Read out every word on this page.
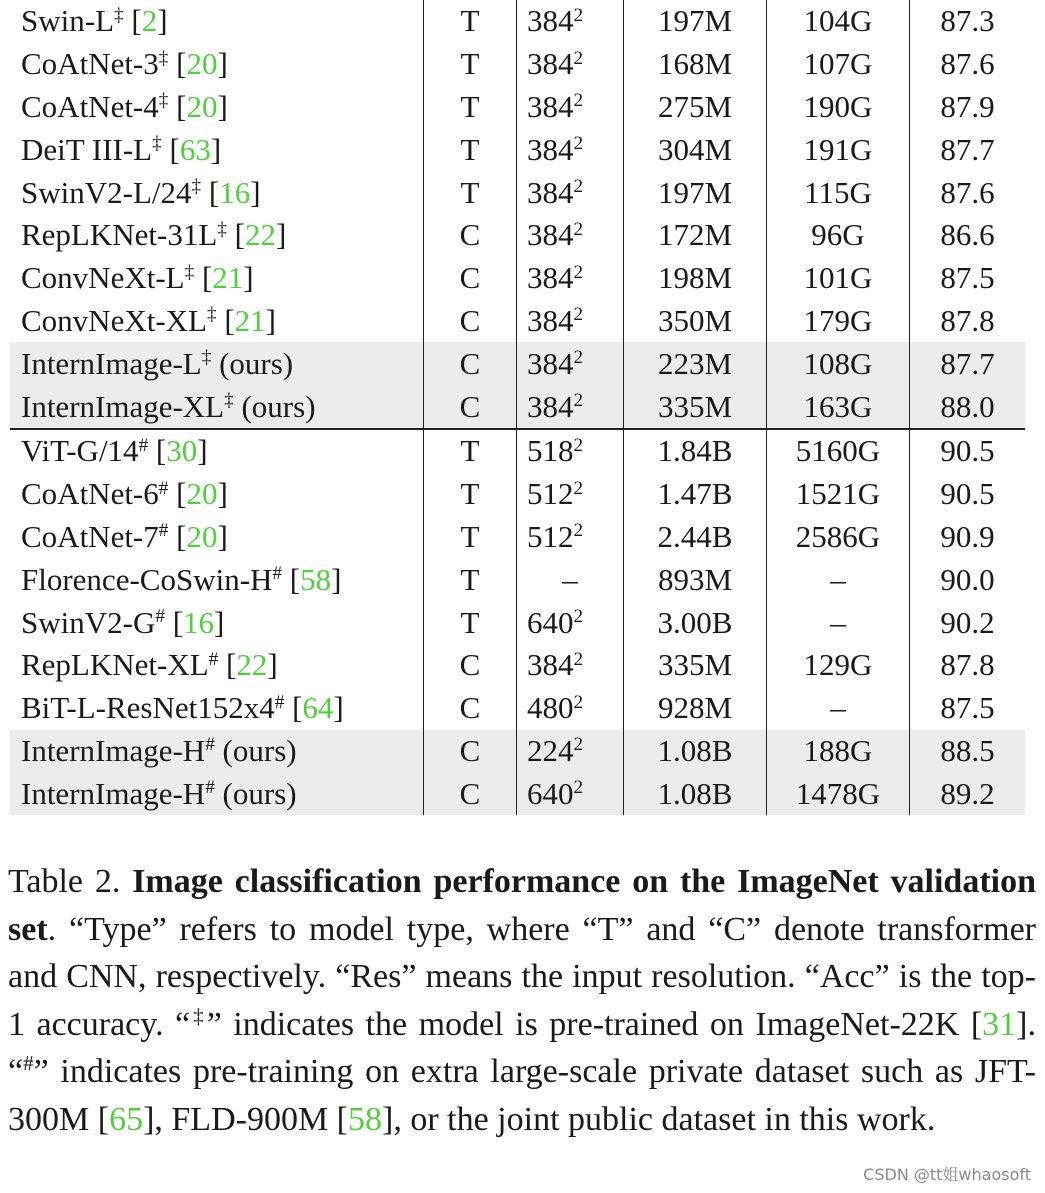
Swin-L‡ [2]	T	$384^2$	197M	104G	87.3
CoAtNet-3‡ [20]	T	$384^2$	168M	107G	87.6
CoAtNet-4‡ [20]	T	$384^2$	275M	190G	87.9
DeiT III-L‡ [63]	T	$384^2$	304M	191G	87.7
SwinV2-L/24‡ [16]	T	$384^2$	197M	115G	87.6
RepLKNet-31L‡ [22]	C	$384^2$	172M	96G	86.6
ConvNeXt-L‡ [21]	C	$384^2$	198M	101G	87.5
ConvNeXt-XL‡ [21]	C	$384^2$	350M	179G	87.8
InternImage-L‡ (ours)	C	$384^2$	223M	108G	87.7
InternImage-XL‡ (ours)	C	$384^2$	335M	163G	88.0
ViT-G/14# [30]	T	$518^2$	1.84B	5160G	90.5
CoAtNet-6# [20]	T	$512^2$	1.47B	1521G	90.5
CoAtNet-7# [20]	T	$512^2$	2.44B	2586G	90.9
Florence-CoSwin-H# [58]	T	–	893M	–	90.0
SwinV2-G# [16]	T	$640^2$	3.00B	–	90.2
RepLKNet-XL# [22]	C	$384^2$	335M	129G	87.8
BiT-L-ResNet152x4# [64]	C	$480^2$	928M	–	87.5
InternImage-H# (ours)	C	$224^2$	1.08B	188G	88.5
InternImage-H# (ours)	C	$640^2$	1.08B	1478G	89.2

Table 2. Image classification performance on the ImageNet validation set. “Type” refers to model type, where “T” and “C” denote transformer and CNN, respectively. “Res” means the input resolution. “Acc” is the top-1 accuracy. “‡” indicates the model is pre-trained on ImageNet-22K [31]. “#” indicates pre-training on extra large-scale private dataset such as JFT-300M [65], FLD-900M [58], or the joint public dataset in this work.

CSDN @tt姐whaosoft
